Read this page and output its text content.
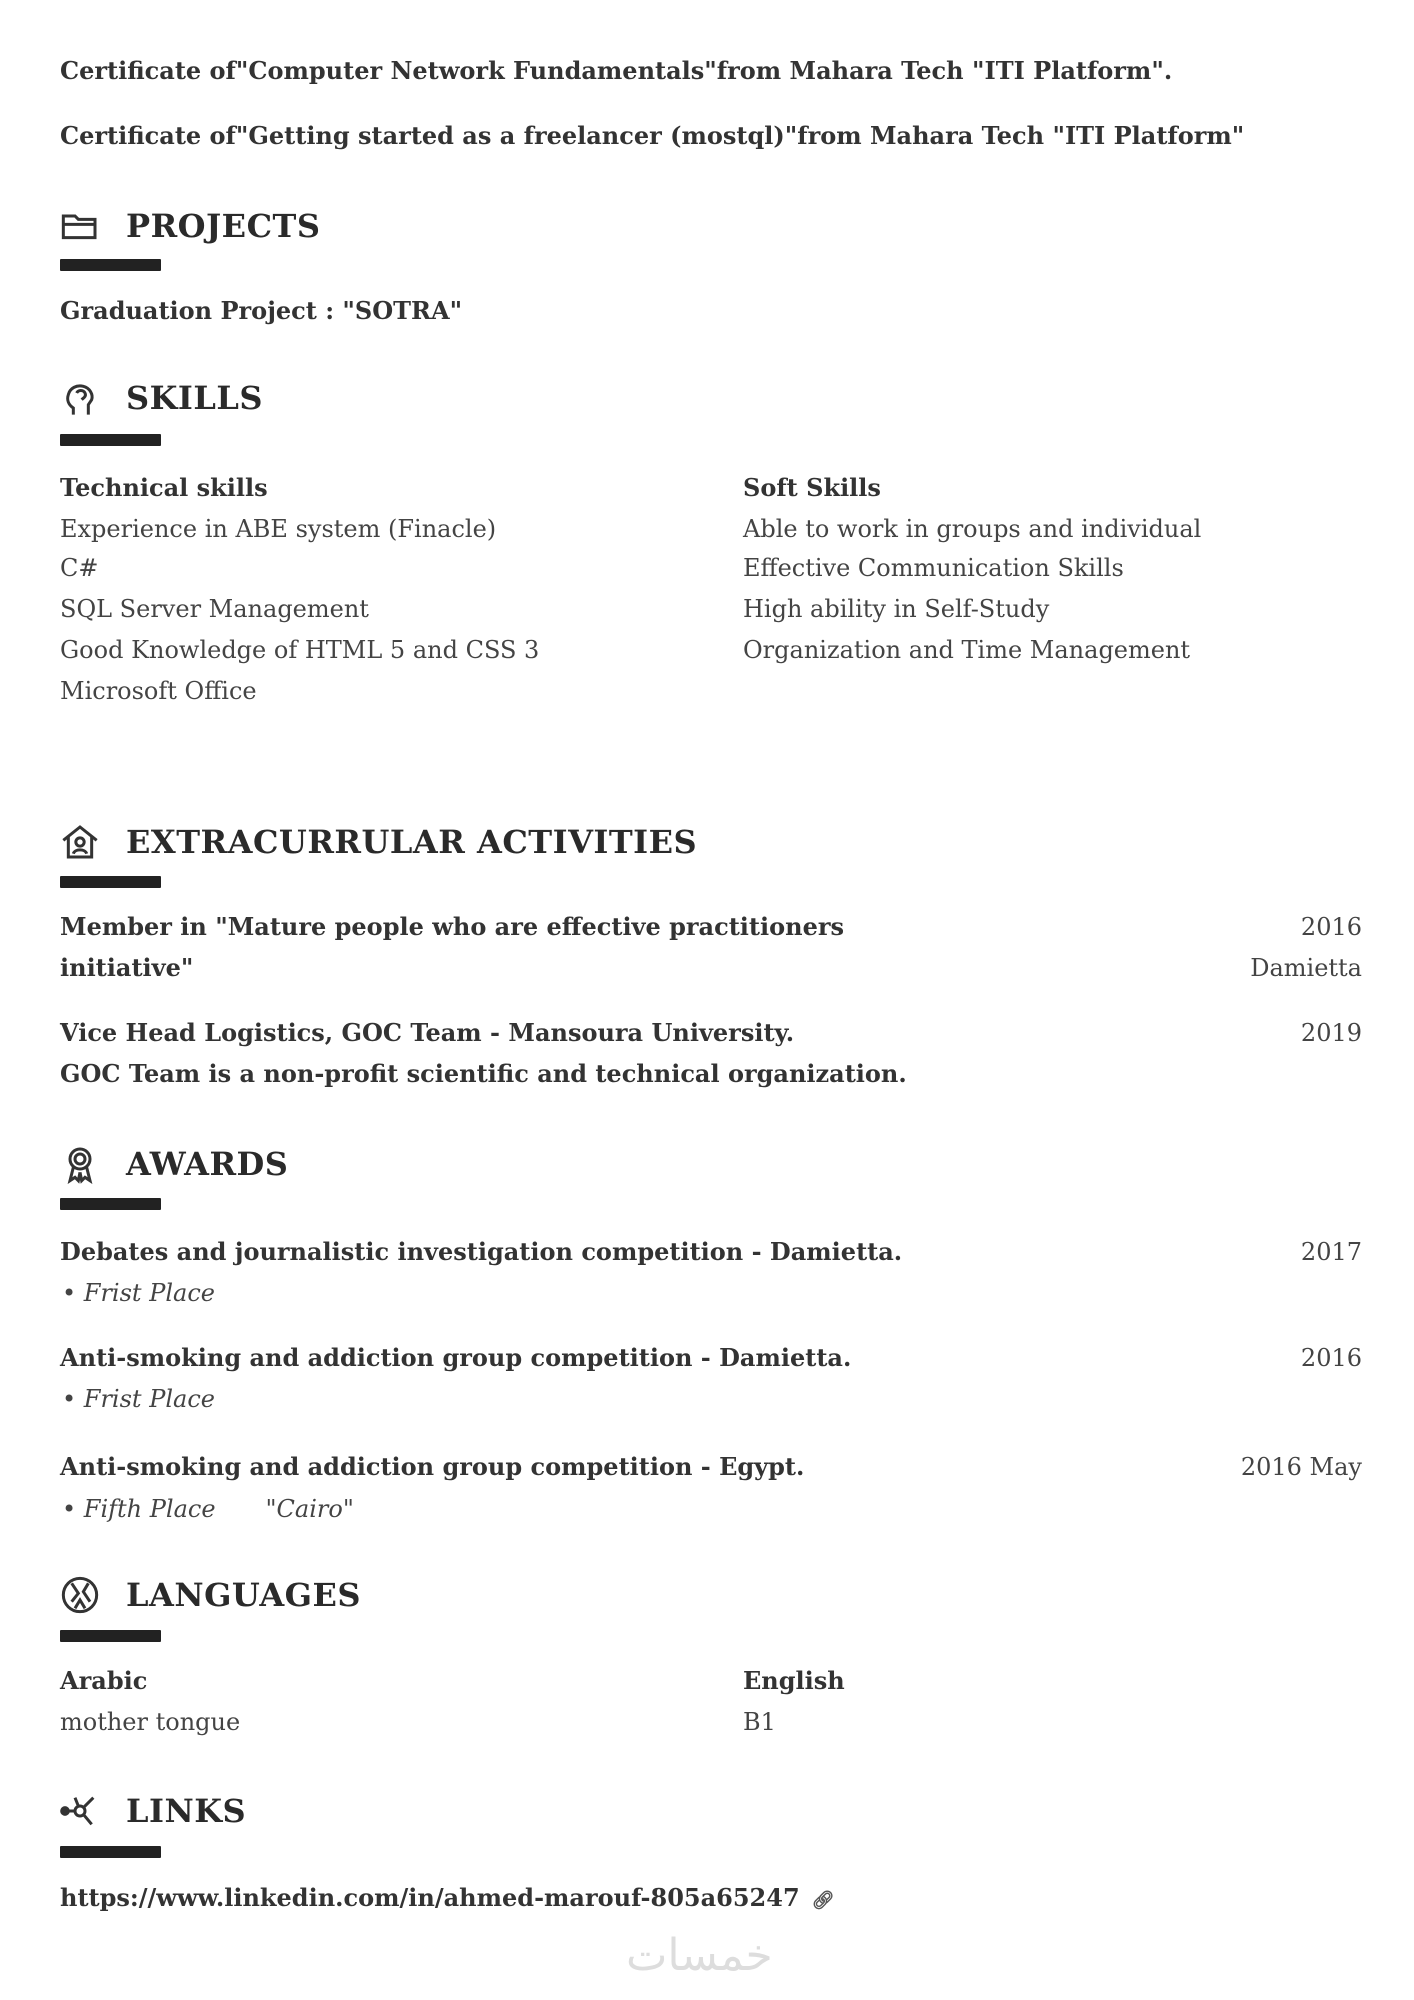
Certificate of"Computer Network Fundamentals"from Mahara Tech "ITI Platform".
Certificate of"Getting started as a freelancer (mostql)"from Mahara Tech "ITI Platform"
PROJECTS
Graduation Project : "SOTRA"
SKILLS
Technical skills
Experience in ABE system (Finacle)
C#
SQL Server Management
Good Knowledge of HTML 5 and CSS 3
Microsoft Office
Soft Skills
Able to work in groups and individual
Effective Communication Skills
High ability in Self-Study
Organization and Time Management
EXTRACURRULAR ACTIVITIES
Member in "Mature people who are effective practitioners
initiative"
2016
Damietta
Vice Head Logistics, GOC Team - Mansoura University.
GOC Team is a non-profit scientific and technical organization.
2019
AWARDS
Debates and journalistic investigation competition - Damietta.	2017
• Frist Place
Anti-smoking and addiction group competition - Damietta.	2016
• Frist Place
Anti-smoking and addiction group competition - Egypt.	2016 May
• Fifth Place "Cairo"
LANGUAGES
Arabic
mother tongue
English
B1
LINKS
https://www.linkedin.com/in/ahmed-marouf-805a65247 🔗︎
خمسات
